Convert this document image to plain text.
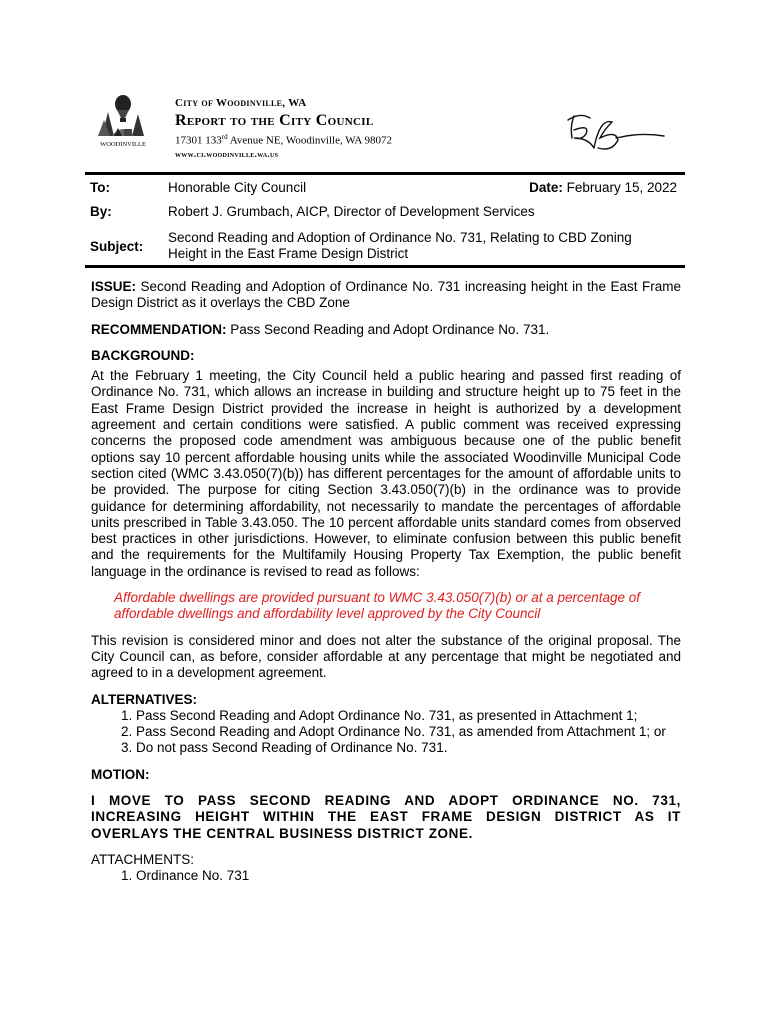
WOODINVILLE
City of Woodinville, WA
Report to the City Council
17301 133rd Avenue NE, Woodinville, WA 98072
www.ci.woodinville.wa.us
To:	Honorable City Council	Date: February 15, 2022
By:	Robert J. Grumbach, AICP, Director of Development Services
Subject:
Second Reading and Adoption of Ordinance No. 731, Relating to CBD Zoning
Height in the East Frame Design District

ISSUE: Second Reading and Adoption of Ordinance No. 731 increasing height in the East Frame Design District as it overlays the CBD Zone

RECOMMENDATION: Pass Second Reading and Adopt Ordinance No. 731.

BACKGROUND:

At the February 1 meeting, the City Council held a public hearing and passed first reading of Ordinance No. 731, which allows an increase in building and structure height up to 75 feet in the East Frame Design District provided the increase in height is authorized by a development agreement and certain conditions were satisfied. A public comment was received expressing concerns the proposed code amendment was ambiguous because one of the public benefit options say 10 percent affordable housing units while the associated Woodinville Municipal Code section cited (WMC 3.43.050(7)(b)) has different percentages for the amount of affordable units to be provided. The purpose for citing Section 3.43.050(7)(b) in the ordinance was to provide guidance for determining affordability, not necessarily to mandate the percentages of affordable units prescribed in Table 3.43.050. The 10 percent affordable units standard comes from observed best practices in other jurisdictions. However, to eliminate confusion between this public benefit and the requirements for the Multifamily Housing Property Tax Exemption, the public benefit language in the ordinance is revised to read as follows:

Affordable dwellings are provided pursuant to WMC 3.43.050(7)(b) or at a percentage of affordable dwellings and affordability level approved by the City Council

This revision is considered minor and does not alter the substance of the original proposal. The City Council can, as before, consider affordable at any percentage that might be negotiated and agreed to in a development agreement.

ALTERNATIVES:

1. Pass Second Reading and Adopt Ordinance No. 731, as presented in Attachment 1;
2. Pass Second Reading and Adopt Ordinance No. 731, as amended from Attachment 1; or
3. Do not pass Second Reading of Ordinance No. 731.

MOTION:

I MOVE TO PASS SECOND READING AND ADOPT ORDINANCE NO. 731, INCREASING HEIGHT WITHIN THE EAST FRAME DESIGN DISTRICT AS IT OVERLAYS THE CENTRAL BUSINESS DISTRICT ZONE.

ATTACHMENTS:

1. Ordinance No. 731
